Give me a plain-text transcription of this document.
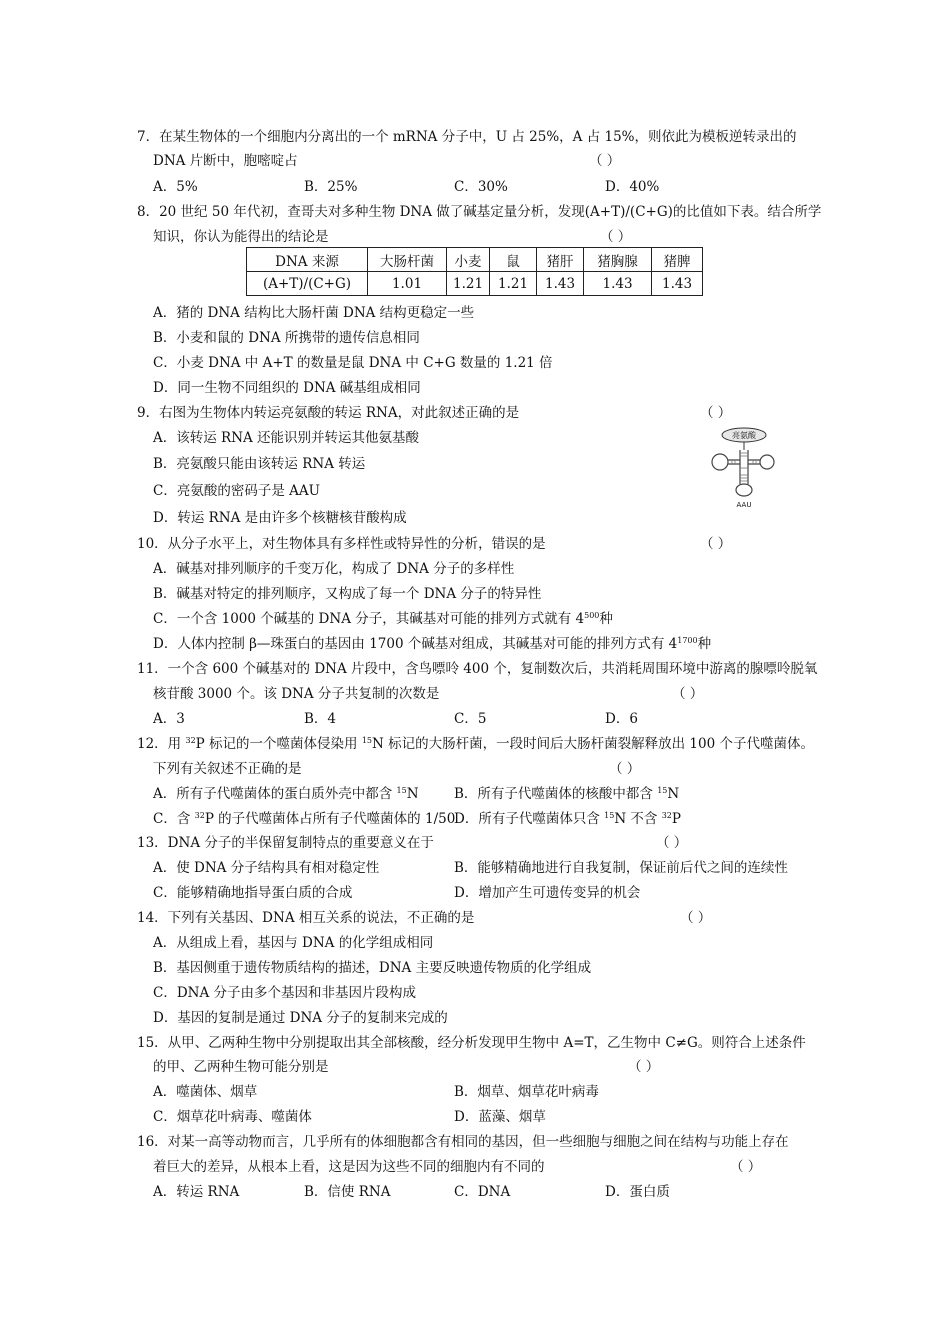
7．在某生物体的一个细胞内分离出的一个 mRNA 分子中，U 占 25%，A 占 15%，则依此为模板逆转录出的
DNA 片断中，胞嘧啶占	（ ）
A．5%	B．25%	C．30%	D．40%
8．20 世纪 50 年代初，查哥夫对多种生物 DNA 做了碱基定量分析，发现(A+T)/(C+G)的比值如下表。结合所学
知识，你认为能得出的结论是	（ ）
DNA 来源	大肠杆菌	小麦	鼠	猪肝	猪胸腺	猪脾
(A+T)/(C+G)	1.01	1.21	1.21	1.43	1.43	1.43
A．猪的 DNA 结构比大肠杆菌 DNA 结构更稳定一些
B．小麦和鼠的 DNA 所携带的遗传信息相同
C．小麦 DNA 中 A+T 的数量是鼠 DNA 中 C+G 数量的 1.21 倍
D．同一生物不同组织的 DNA 碱基组成相同
9．右图为生物体内转运亮氨酸的转运 RNA，对此叙述正确的是	（ ）
A．该转运 RNA 还能识别并转运其他氨基酸
B．亮氨酸只能由该转运 RNA 转运
C．亮氨酸的密码子是 AAU
D．转运 RNA 是由许多个核糖核苷酸构成
亮氨酸
AAU
10．从分子水平上，对生物体具有多样性或特异性的分析，错误的是	（ ）
A．碱基对排列顺序的千变万化，构成了 DNA 分子的多样性
B．碱基对特定的排列顺序，又构成了每一个 DNA 分子的特异性
C．一个含 1000 个碱基的 DNA 分子，其碱基对可能的排列方式就有 $4^{500}$种
D．人体内控制 β—珠蛋白的基因由 1700 个碱基对组成，其碱基对可能的排列方式有 $4^{1700}$种
11．一个含 600 个碱基对的 DNA 片段中，含鸟嘌呤 400 个，复制数次后，共消耗周围环境中游离的腺嘌呤脱氧
核苷酸 3000 个。该 DNA 分子共复制的次数是	（ ）
A．3	B．4	C．5	D．6
12．用 $^{32}$P 标记的一个噬菌体侵染用 $^{15}$N 标记的大肠杆菌，一段时间后大肠杆菌裂解释放出 100 个子代噬菌体。
下列有关叙述不正确的是	（ ）
A．所有子代噬菌体的蛋白质外壳中都含 $^{15}$N	B．所有子代噬菌体的核酸中都含 $^{15}$N
C．含 $^{32}$P 的子代噬菌体占所有子代噬菌体的 1/50
D．所有子代噬菌体只含 $^{15}$N 不含 $^{32}$P
13．DNA 分子的半保留复制特点的重要意义在于	（ ）
A．使 DNA 分子结构具有相对稳定性	B．能够精确地进行自我复制，保证前后代之间的连续性
C．能够精确地指导蛋白质的合成	D．增加产生可遗传变异的机会
14．下列有关基因、DNA 相互关系的说法，不正确的是	（ ）
A．从组成上看，基因与 DNA 的化学组成相同
B．基因侧重于遗传物质结构的描述，DNA 主要反映遗传物质的化学组成
C．DNA 分子由多个基因和非基因片段构成
D．基因的复制是通过 DNA 分子的复制来完成的
15．从甲、乙两种生物中分别提取出其全部核酸，经分析发现甲生物中 A=T，乙生物中 C≠G。则符合上述条件
的甲、乙两种生物可能分别是	（ ）
A．噬菌体、烟草	B．烟草、烟草花叶病毒
C．烟草花叶病毒、噬菌体	D．蓝藻、烟草
16．对某一高等动物而言，几乎所有的体细胞都含有相同的基因，但一些细胞与细胞之间在结构与功能上存在
着巨大的差异，从根本上看，这是因为这些不同的细胞内有不同的	（ ）
A．转运 RNA	B．信使 RNA	C．DNA	D．蛋白质
